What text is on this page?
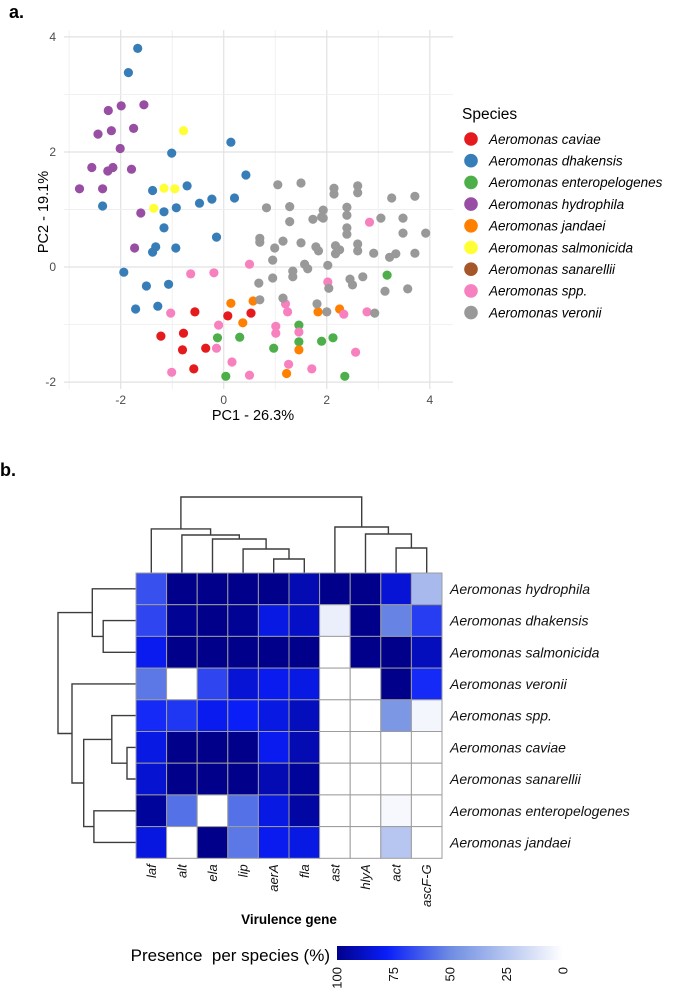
a.
-2	0	2	4
-2
0
2
4
PC1 - 26.3%
PC2 - 19.1%
Species
Aeromonas caviae
Aeromonas dhakensis
Aeromonas enteropelogenes
Aeromonas hydrophila
Aeromonas jandaei
Aeromonas salmonicida
Aeromonas sanarellii
Aeromonas spp.
Aeromonas veronii
b.
Aeromonas hydrophila
Aeromonas dhakensis
Aeromonas salmonicida
Aeromonas veronii
Aeromonas spp.
Aeromonas caviae
Aeromonas sanarellii
Aeromonas enteropelogenes
Aeromonas jandaei
laf alt ela lip aerA fla ast hlyA act ascF-G
Virulence gene
Presence  per species (%)
100	75	50	25	0
